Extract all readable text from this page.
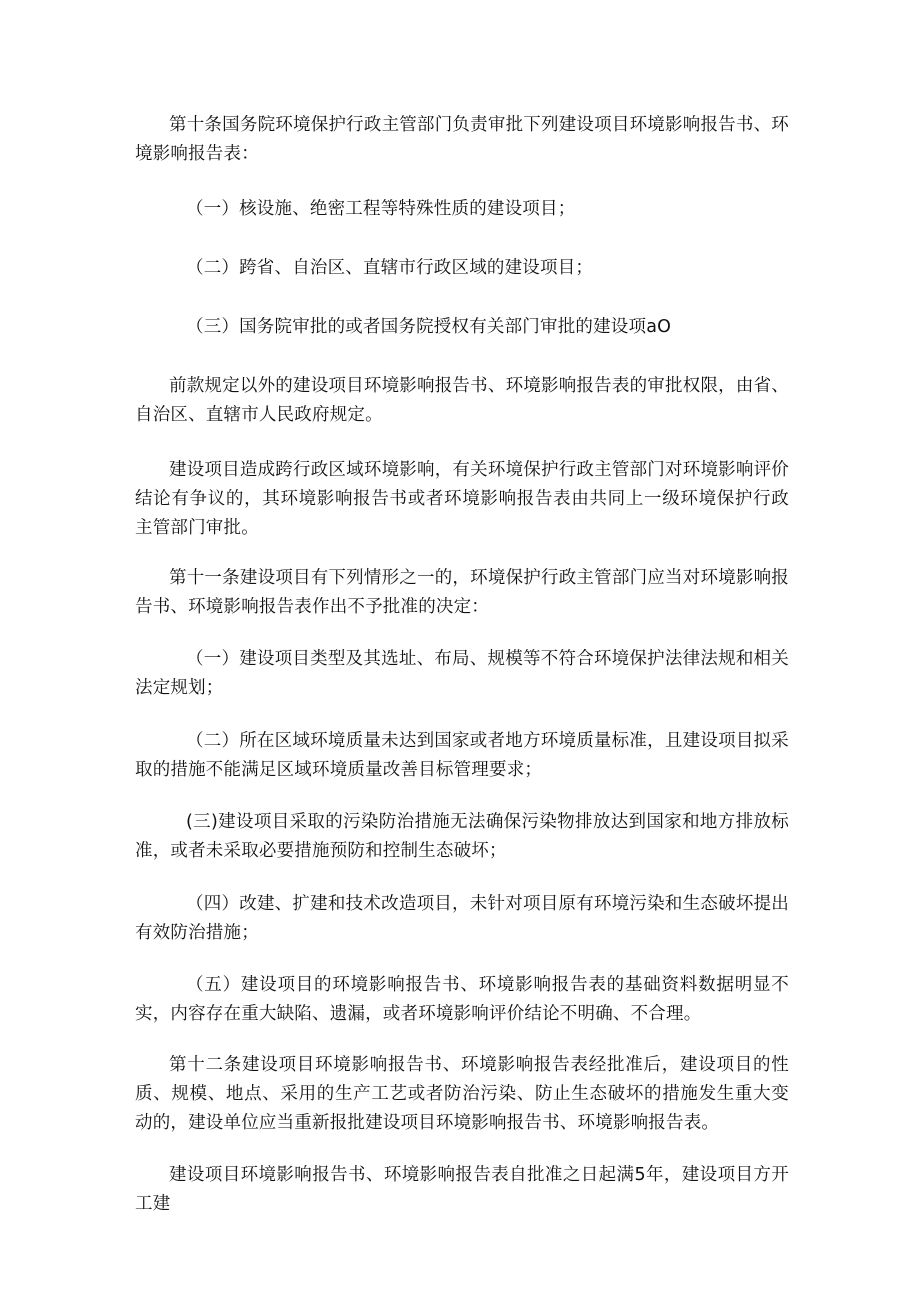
第十条国务院环境保护行政主管部门负责审批下列建设项目环境影响报告书、环境影响报告表：

（一）核设施、绝密工程等特殊性质的建设项目；

（二）跨省、自治区、直辖市行政区域的建设项目；

（三）国务院审批的或者国务院授权有关部门审批的建设项aO

前款规定以外的建设项目环境影响报告书、环境影响报告表的审批权限，由省、自治区、直辖市人民政府规定。

建设项目造成跨行政区域环境影响，有关环境保护行政主管部门对环境影响评价结论有争议的，其环境影响报告书或者环境影响报告表由共同上一级环境保护行政主管部门审批。

第十一条建设项目有下列情形之一的，环境保护行政主管部门应当对环境影响报告书、环境影响报告表作出不予批准的决定：

（一）建设项目类型及其选址、布局、规模等不符合环境保护法律法规和相关法定规划；

（二）所在区域环境质量未达到国家或者地方环境质量标准，且建设项目拟采取的措施不能满足区域环境质量改善目标管理要求；

(三)建设项目采取的污染防治措施无法确保污染物排放达到国家和地方排放标准，或者未采取必要措施预防和控制生态破坏；

（四）改建、扩建和技术改造项目，未针对项目原有环境污染和生态破坏提出有效防治措施；

（五）建设项目的环境影响报告书、环境影响报告表的基础资料数据明显不实，内容存在重大缺陷、遗漏，或者环境影响评价结论不明确、不合理。

第十二条建设项目环境影响报告书、环境影响报告表经批准后，建设项目的性质、规模、地点、采用的生产工艺或者防治污染、防止生态破坏的措施发生重大变动的，建设单位应当重新报批建设项目环境影响报告书、环境影响报告表。

建设项目环境影响报告书、环境影响报告表自批准之日起满5年，建设项目方开工建
